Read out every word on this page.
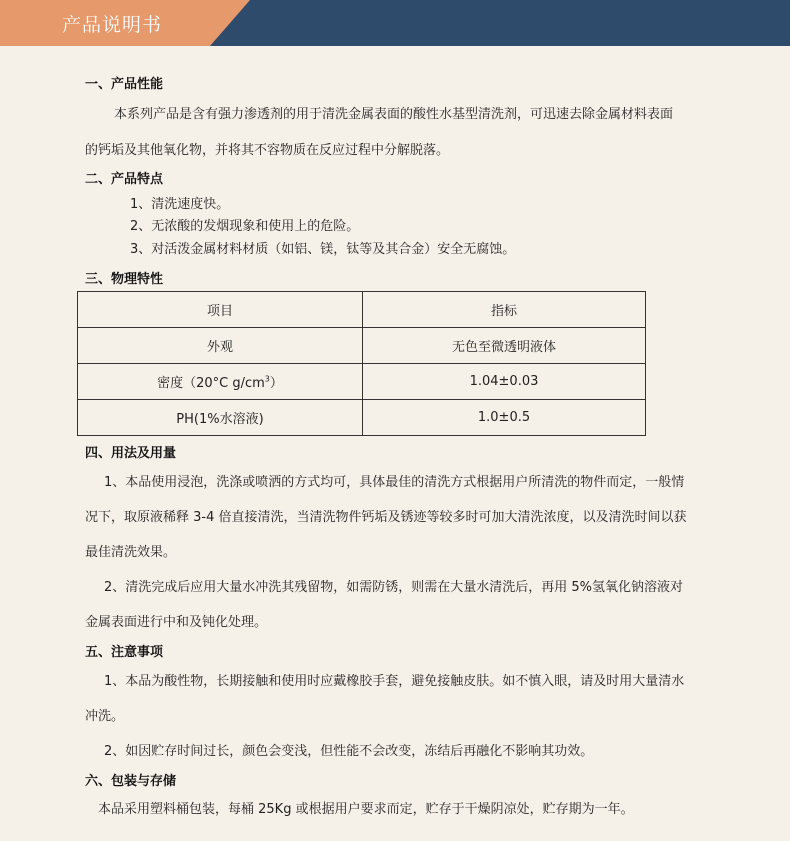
产品说明书
一、产品性能
本系列产品是含有强力渗透剂的用于清洗金属表面的酸性水基型清洗剂，可迅速去除金属材料表面
的钙垢及其他氧化物，并将其不容物质在反应过程中分解脱落。
二、产品特点
1、清洗速度快。
2、无浓酸的发烟现象和使用上的危险。
3、对活泼金属材料材质（如铝、镁，钛等及其合金）安全无腐蚀。
三、物理特性
项目	指标
外观	无色至微透明液体
密度（20°C $g/cm^3$）	1.04±0.03
PH(1%水溶液)	1.0±0.5
四、用法及用量
1、本品使用浸泡，洗涤或喷洒的方式均可，具体最佳的清洗方式根据用户所清洗的物件而定，一般情
况下，取原液稀释 3-4 倍直接清洗，当清洗物件钙垢及锈迹等较多时可加大清洗浓度，以及清洗时间以获
最佳清洗效果。
2、清洗完成后应用大量水冲洗其残留物，如需防锈，则需在大量水清洗后，再用 5%氢氧化钠溶液对
金属表面进行中和及钝化处理。
五、注意事项
1、本品为酸性物，长期接触和使用时应戴橡胶手套，避免接触皮肤。如不慎入眼，请及时用大量清水
冲洗。
2、如因贮存时间过长，颜色会变浅，但性能不会改变，冻结后再融化不影响其功效。
六、包装与存储
本品采用塑料桶包装，每桶 25Kg 或根据用户要求而定，贮存于干燥阴凉处，贮存期为一年。
